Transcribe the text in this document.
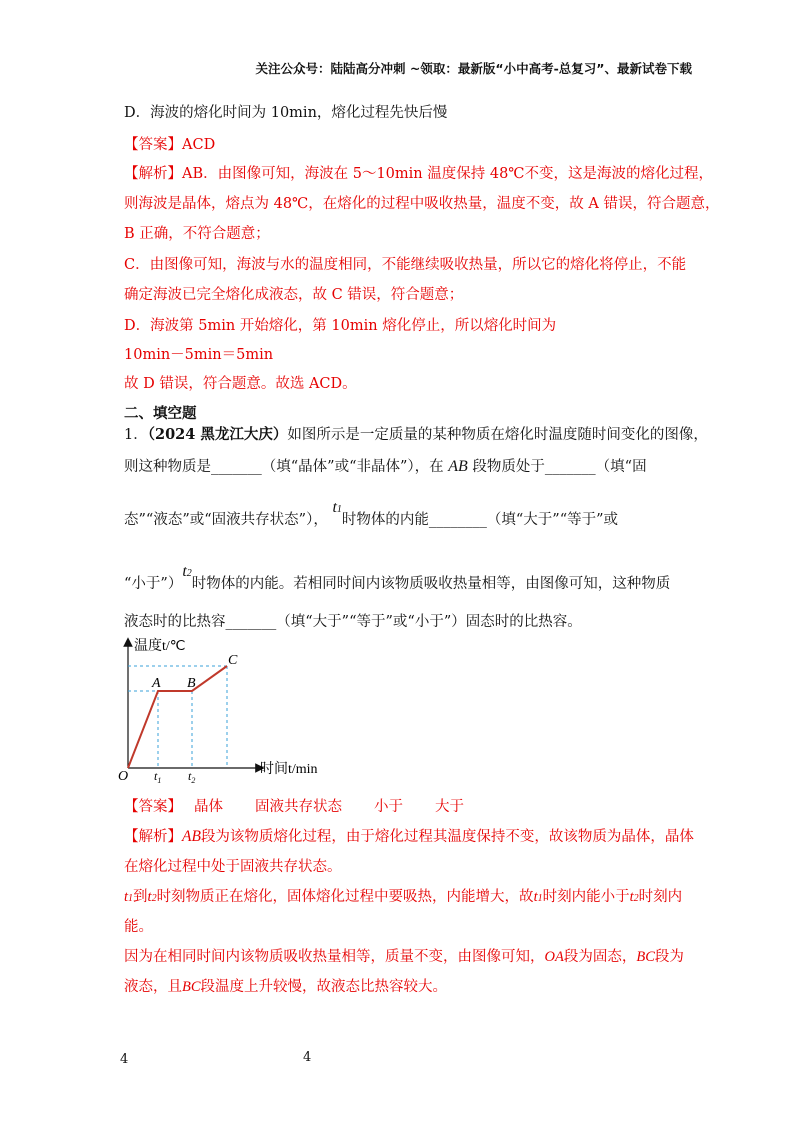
关注公众号：陆陆高分冲刺 ~领取：最新版“小中高考-总复习”、最新试卷下载
D．海波的熔化时间为 10min，熔化过程先快后慢
【答案】ACD
【解析】AB．由图像可知，海波在 5～10min 温度保持 48℃不变，这是海波的熔化过程，
则海波是晶体，熔点为 48℃，在熔化的过程中吸收热量，温度不变，故 A 错误，符合题意，
B 正确，不符合题意；
C．由图像可知，海波与水的温度相同，不能继续吸收热量，所以它的熔化将停止，不能
确定海波已完全熔化成液态，故 C 错误，符合题意；
D．海波第 5min 开始熔化，第 10min 熔化停止，所以熔化时间为
10min－5min＝5min
故 D 错误，符合题意。故选 ACD。
二、填空题
1．（2024 黑龙江大庆）如图所示是一定质量的某种物质在熔化时温度随时间变化的图像，
则这种物质是_______（填“晶体”或“非晶体”），在 AB 段物质处于_______（填“固
态”“液态”或“固液共存状态”）， t1时物体的内能________（填“大于”“等于”或
“小于”）t2时物体的内能。若相同时间内该物质吸收热量相等，由图像可知，这种物质
液态时的比热容_______（填“大于”“等于”或“小于”）固态时的比热容。
温度t/℃
时间t/min
O
A B
C
$t_1$ $t_2$
【答案】 晶体 固液共存状态 小于 大于
【解析】AB段为该物质熔化过程，由于熔化过程其温度保持不变，故该物质为晶体，晶体
在熔化过程中处于固液共存状态。
t1到t2时刻物质正在熔化，固体熔化过程中要吸热，内能增大，故t1时刻内能小于t2时刻内
能。
因为在相同时间内该物质吸收热量相等，质量不变，由图像可知，OA段为固态，BC段为
液态，且BC段温度上升较慢，故液态比热容较大。
4	4
